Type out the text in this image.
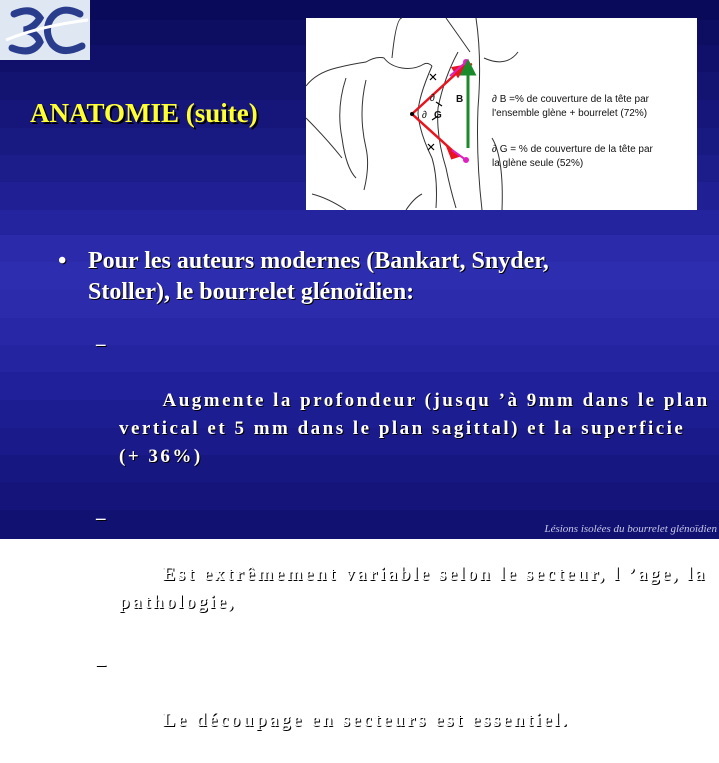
ANATOMIE (suite)	∂ B
∂ G
∂ B =% de couverture de la tête par
l'ensemble glène + bourrelet (72%)
∂ G = % de couverture de la tête par
la glène seule (52%)
• Pour les auteurs modernes (Bankart, Snyder,
Stoller), le bourrelet glénoïdien:

–

Augmente la profondeur (jusqu ’à 9mm dans le plan
vertical et 5 mm dans le plan sagittal) et la superficie
(+ 36%)

–

Est extrêmement variable selon le secteur, l ’age, la
pathologie,

–

Le découpage en secteurs est essentiel.

Lésions isolées du bourrelet glénoïdien
